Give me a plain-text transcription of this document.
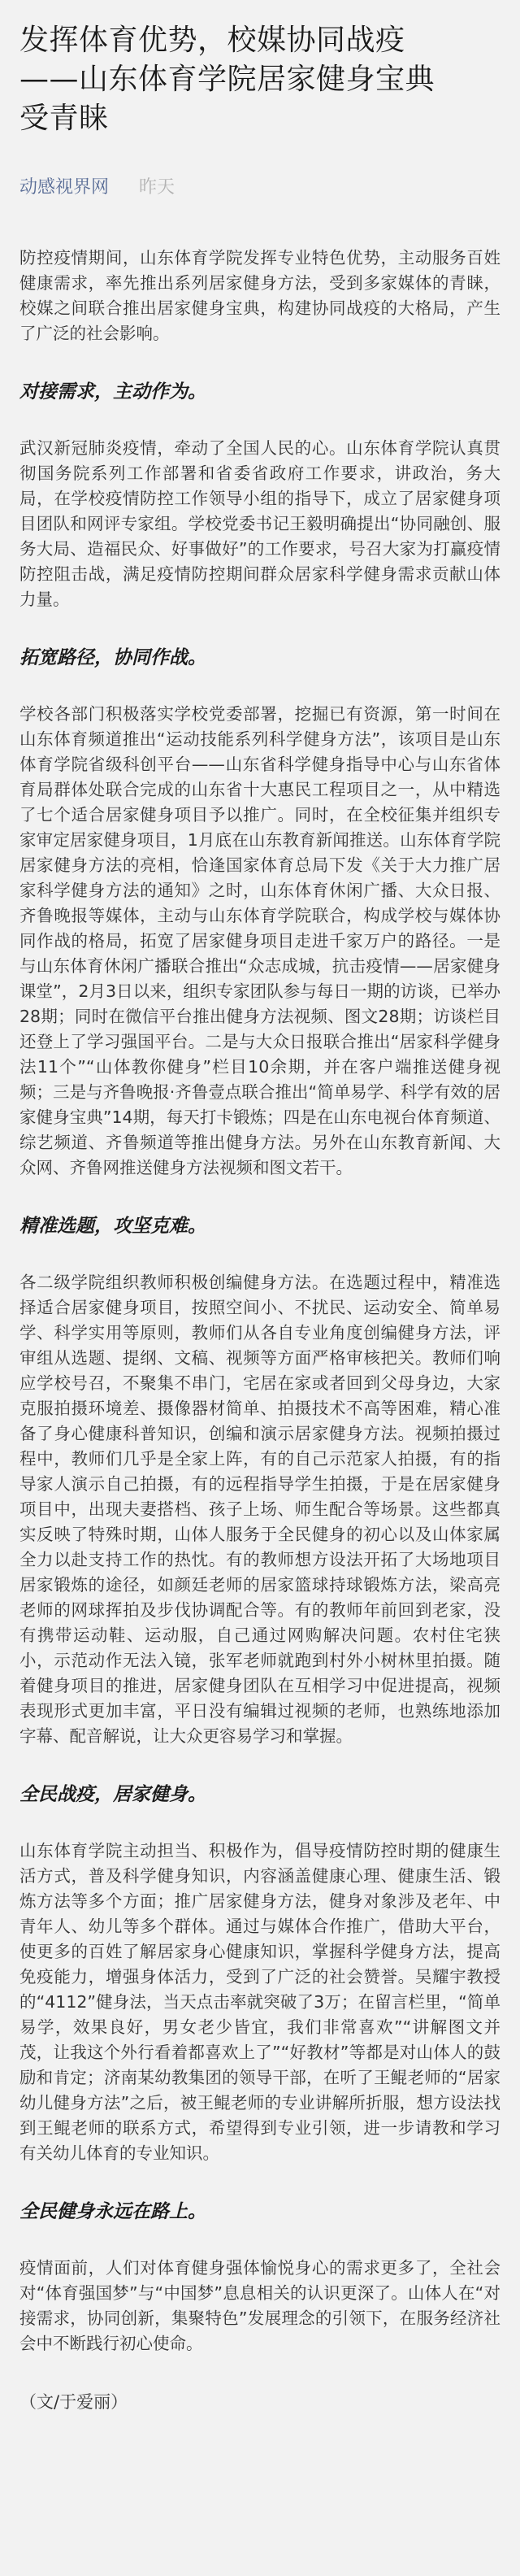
发挥体育优势，校媒协同战疫
——山东体育学院居家健身宝典
受青睐
动感视界网 昨天

防控疫情期间，山东体育学院发挥专业特色优势，主动服务百姓健康需求，率先推出系列居家健身方法，受到多家媒体的青睐，校媒之间联合推出居家健身宝典，构建协同战疫的大格局，产生了广泛的社会影响。

对接需求，主动作为。

武汉新冠肺炎疫情，牵动了全国人民的心。山东体育学院认真贯彻国务院系列工作部署和省委省政府工作要求，讲政治，务大局，在学校疫情防控工作领导小组的指导下，成立了居家健身项目团队和网评专家组。学校党委书记王毅明确提出“协同融创、服务大局、造福民众、好事做好”的工作要求，号召大家为打赢疫情防控阻击战，满足疫情防控期间群众居家科学健身需求贡献山体力量。

拓宽路径，协同作战。

学校各部门积极落实学校党委部署，挖掘已有资源，第一时间在山东体育频道推出“运动技能系列科学健身方法”，该项目是山东体育学院省级科创平台——山东省科学健身指导中心与山东省体育局群体处联合完成的山东省十大惠民工程项目之一，从中精选了七个适合居家健身项目予以推广。同时，在全校征集并组织专家审定居家健身项目，1月底在山东教育新闻推送。山东体育学院居家健身方法的亮相，恰逢国家体育总局下发《关于大力推广居家科学健身方法的通知》之时，山东体育休闲广播、大众日报、齐鲁晚报等媒体，主动与山东体育学院联合，构成学校与媒体协同作战的格局，拓宽了居家健身项目走进千家万户的路径。一是与山东体育休闲广播联合推出“众志成城，抗击疫情——居家健身课堂”，2月3日以来，组织专家团队参与每日一期的访谈，已举办28期；同时在微信平台推出健身方法视频、图文28期；访谈栏目还登上了学习强国平台。二是与大众日报联合推出“居家科学健身法11个”“山体教你健身”栏目10余期，并在客户端推送健身视频；三是与齐鲁晚报·齐鲁壹点联合推出“简单易学、科学有效的居家健身宝典”14期，每天打卡锻炼；四是在山东电视台体育频道、综艺频道、齐鲁频道等推出健身方法。另外在山东教育新闻、大众网、齐鲁网推送健身方法视频和图文若干。

精准选题，攻坚克难。

各二级学院组织教师积极创编健身方法。在选题过程中，精准选择适合居家健身项目，按照空间小、不扰民、运动安全、简单易学、科学实用等原则，教师们从各自专业角度创编健身方法，评审组从选题、提纲、文稿、视频等方面严格审核把关。教师们响应学校号召，不聚集不串门，宅居在家或者回到父母身边，大家克服拍摄环境差、摄像器材简单、拍摄技术不高等困难，精心准备了身心健康科普知识，创编和演示居家健身方法。视频拍摄过程中，教师们几乎是全家上阵，有的自己示范家人拍摄，有的指导家人演示自己拍摄，有的远程指导学生拍摄，于是在居家健身项目中，出现夫妻搭档、孩子上场、师生配合等场景。这些都真实反映了特殊时期，山体人服务于全民健身的初心以及山体家属全力以赴支持工作的热忱。有的教师想方设法开拓了大场地项目居家锻炼的途径，如颜廷老师的居家篮球持球锻炼方法，梁高亮老师的网球挥拍及步伐协调配合等。有的教师年前回到老家，没有携带运动鞋、运动服，自己通过网购解决问题。农村住宅狭小，示范动作无法入镜，张军老师就跑到村外小树林里拍摄。随着健身项目的推进，居家健身团队在互相学习中促进提高，视频表现形式更加丰富，平日没有编辑过视频的老师，也熟练地添加字幕、配音解说，让大众更容易学习和掌握。

全民战疫，居家健身。

山东体育学院主动担当、积极作为，倡导疫情防控时期的健康生活方式，普及科学健身知识，内容涵盖健康心理、健康生活、锻炼方法等多个方面；推广居家健身方法，健身对象涉及老年、中青年人、幼儿等多个群体。通过与媒体合作推广，借助大平台，使更多的百姓了解居家身心健康知识，掌握科学健身方法，提高免疫能力，增强身体活力，受到了广泛的社会赞誉。吴耀宇教授的“4112”健身法，当天点击率就突破了3万；在留言栏里，“简单易学，效果良好，男女老少皆宜，我们非常喜欢”“讲解图文并茂，让我这个外行看着都喜欢上了”“好教材”等都是对山体人的鼓励和肯定；济南某幼教集团的领导干部，在听了王鲲老师的“居家幼儿健身方法”之后，被王鲲老师的专业讲解所折服，想方设法找到王鲲老师的联系方式，希望得到专业引领，进一步请教和学习有关幼儿体育的专业知识。

全民健身永远在路上。

疫情面前，人们对体育健身强体愉悦身心的需求更多了，全社会对“体育强国梦”与“中国梦”息息相关的认识更深了。山体人在“对接需求，协同创新，集聚特色”发展理念的引领下，在服务经济社会中不断践行初心使命。

（文/于爱丽）
